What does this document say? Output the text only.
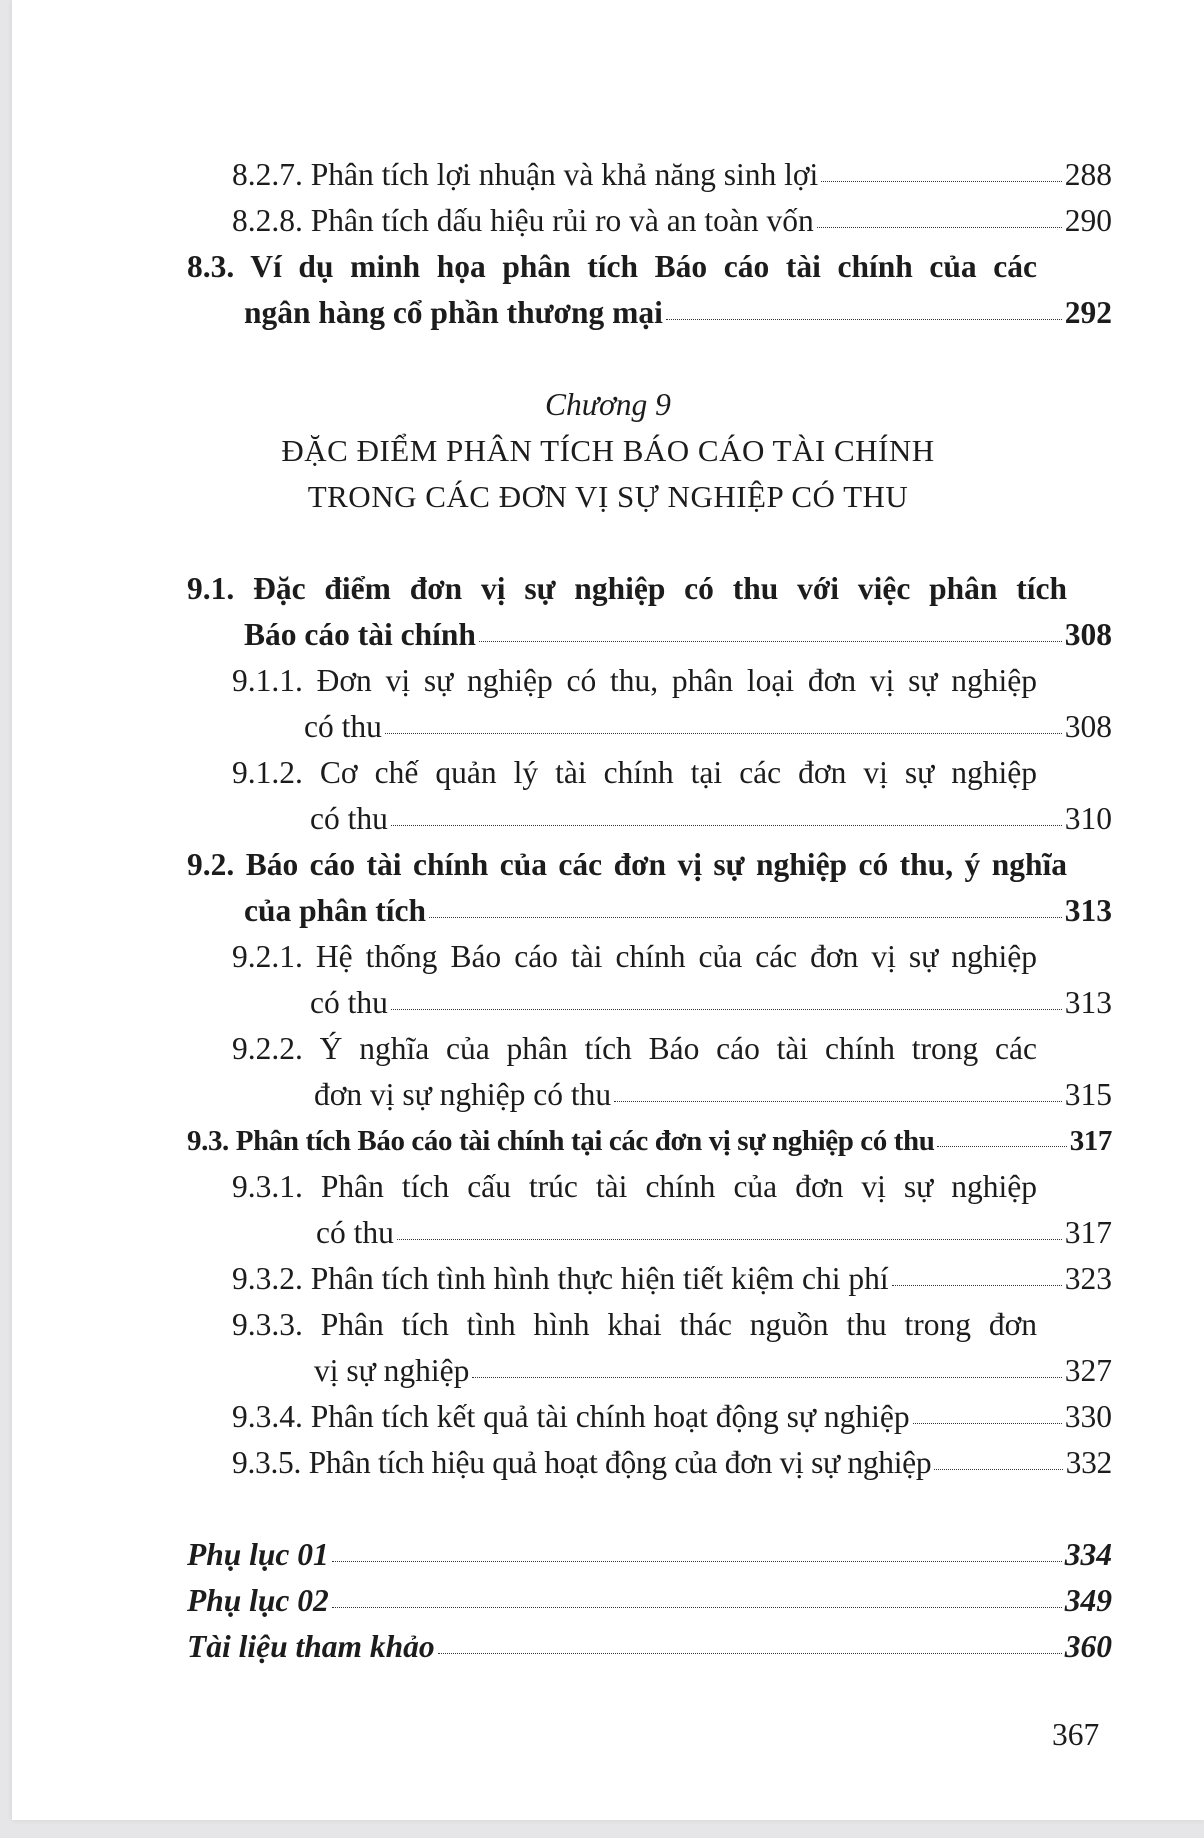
8.2.7. Phân tích lợi nhuận và khả năng sinh lợi	288
8.2.8. Phân tích dấu hiệu rủi ro và an toàn vốn	290
8.3. Ví dụ minh họa phân tích Báo cáo tài chính của các
ngân hàng cổ phần thương mại	292
Chương 9
ĐẶC ĐIỂM PHÂN TÍCH BÁO CÁO TÀI CHÍNH
TRONG CÁC ĐƠN VỊ SỰ NGHIỆP CÓ THU
9.1. Đặc điểm đơn vị sự nghiệp có thu với việc phân tích
Báo cáo tài chính	308
9.1.1. Đơn vị sự nghiệp có thu, phân loại đơn vị sự nghiệp
có thu	308
9.1.2. Cơ chế quản lý tài chính tại các đơn vị sự nghiệp
có thu	310
9.2. Báo cáo tài chính của các đơn vị sự nghiệp có thu, ý nghĩa
của phân tích	313
9.2.1. Hệ thống Báo cáo tài chính của các đơn vị sự nghiệp
có thu	313
9.2.2. Ý nghĩa của phân tích Báo cáo tài chính trong các
đơn vị sự nghiệp có thu	315
9.3. Phân tích Báo cáo tài chính tại các đơn vị sự nghiệp có thu	317
9.3.1. Phân tích cấu trúc tài chính của đơn vị sự nghiệp
có thu	317
9.3.2. Phân tích tình hình thực hiện tiết kiệm chi phí	323
9.3.3. Phân tích tình hình khai thác nguồn thu trong đơn
vị sự nghiệp	327
9.3.4. Phân tích kết quả tài chính hoạt động sự nghiệp	330
9.3.5. Phân tích hiệu quả hoạt động của đơn vị sự nghiệp	332
Phụ lục 01	334
Phụ lục 02	349
Tài liệu tham khảo	360
367
